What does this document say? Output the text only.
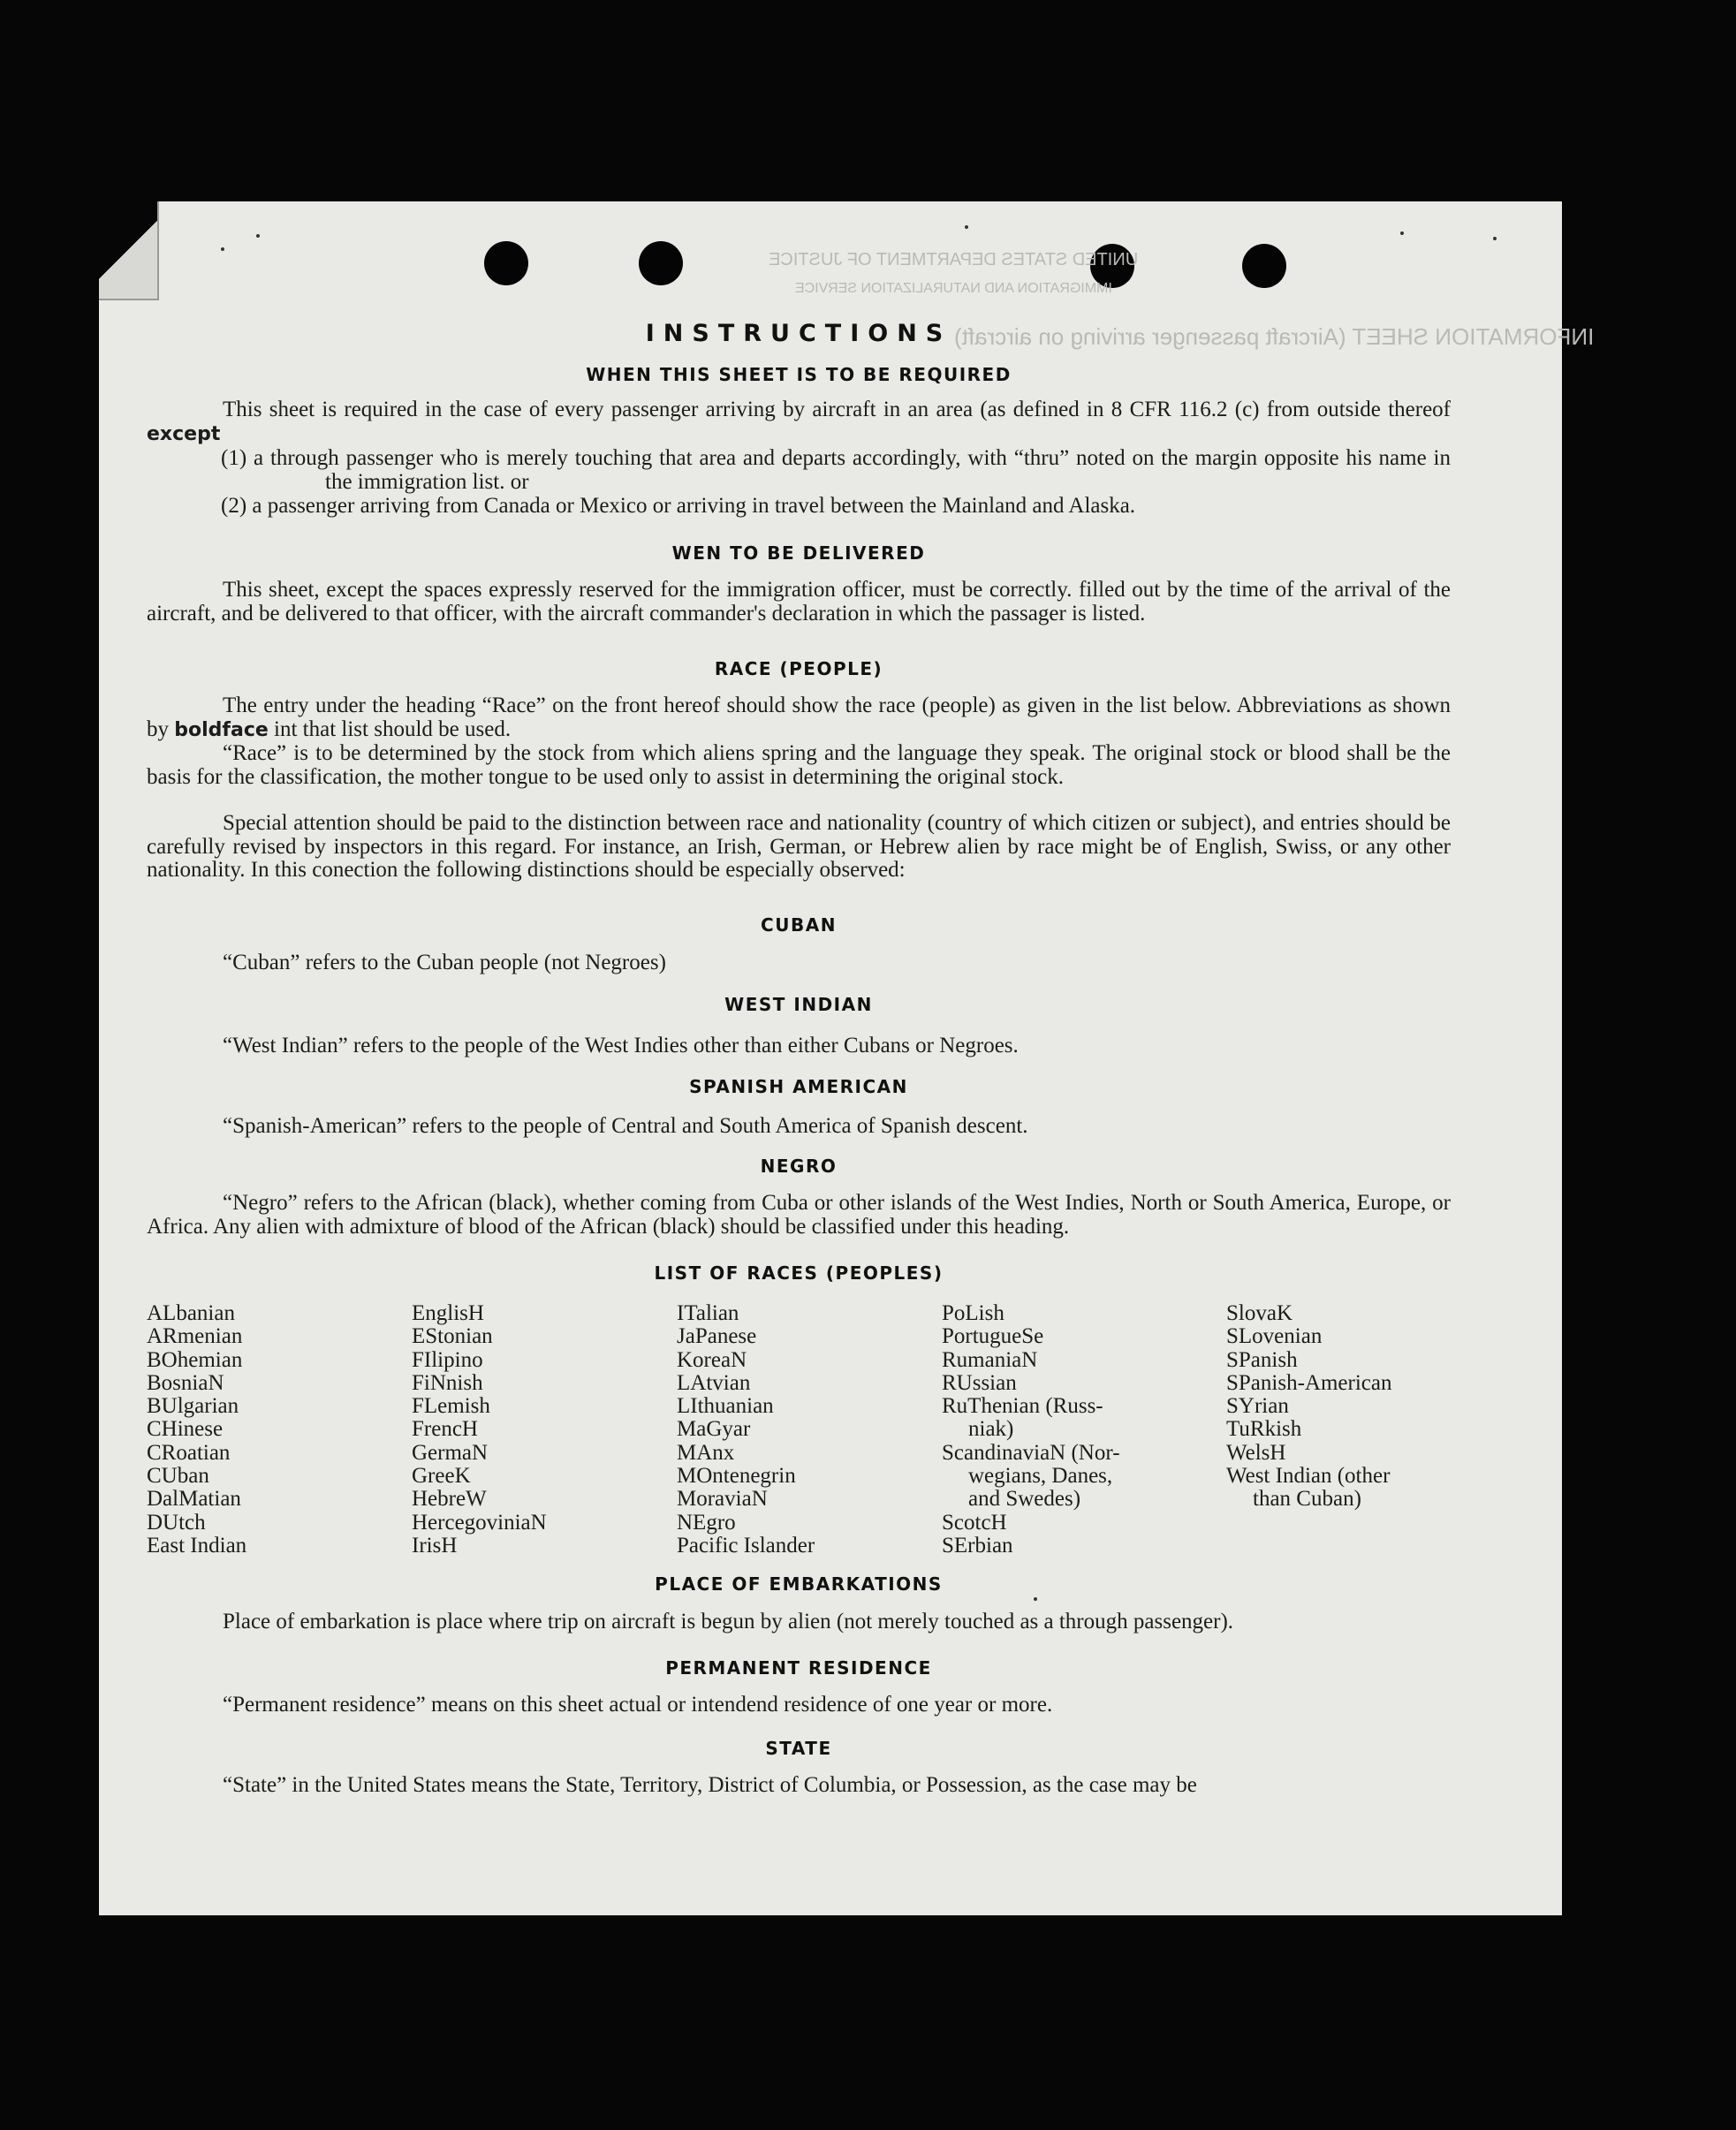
UNITED STATES DEPARTMENT OF JUSTICE
IMMIGRATION AND NATURALIZATION SERVICE
INFORMATION SHEET (Aircraft passenger arriving on aircraft)
INSTRUCTIONS
WHEN THIS SHEET IS TO BE REQUIRED
This sheet is required in the case of every passenger arriving by aircraft in an area (as defined in 8 CFR 116.2 (c) from outside thereof except
(1) a through passenger who is merely touching that area and departs accordingly, with “thru” noted on the margin opposite his name in the immigration list. or
(2) a passenger arriving from Canada or Mexico or arriving in travel between the Mainland and Alaska.
WEN TO BE DELIVERED
This sheet, except the spaces expressly reserved for the immigration officer, must be correctly. filled out by the time of the arrival of the aircraft, and be delivered to that officer, with the aircraft commander's declaration in which the passager is listed.
RACE (PEOPLE)
The entry under the heading “Race” on the front hereof should show the race (people) as given in the list below. Abbreviations as shown by boldface int that list should be used.
“Race” is to be determined by the stock from which aliens spring and the language they speak. The original stock or blood shall be the basis for the classification, the mother tongue to be used only to assist in determining the original stock.
Special attention should be paid to the distinction between race and nationality (country of which citizen or subject), and entries should be carefully revised by inspectors in this regard. For instance, an Irish, German, or Hebrew alien by race might be of English, Swiss, or any other nationality. In this conection the following distinctions should be especially observed:
CUBAN
“Cuban” refers to the Cuban people (not Negroes)
WEST INDIAN
“West Indian” refers to the people of the West Indies other than either Cubans or Negroes.
SPANISH AMERICAN
“Spanish-American” refers to the people of Central and South America of Spanish descent.
NEGRO
“Negro” refers to the African (black), whether coming from Cuba or other islands of the West Indies, North or South America, Europe, or Africa. Any alien with admixture of blood of the African (black) should be classified under this heading.
LIST OF RACES (PEOPLES)
ALbanian
ARmenian
BOhemian
BosniaN
BUlgarian
CHinese
CRoatian
CUban
DalMatian
DUtch
East Indian
EnglisH
EStonian
FIlipino
FiNnish
FLemish
FrencH
GermaN
GreeK
HebreW
HercegoviniaN
IrisH
ITalian
JaPanese
KoreaN
LAtvian
LIthuanian
MaGyar
MAnx
MOntenegrin
MoraviaN
NEgro
Pacific Islander
PoLish
PortugueSe
RumaniaN
RUssian
RuThenian (Russ-
niak)
ScandinaviaN (Nor-
wegians, Danes,
and Swedes)
ScotcH
SErbian
SlovaK
SLovenian
SPanish
SPanish-American
SYrian
TuRkish
WelsH
West Indian (other
than Cuban)
PLACE OF EMBARKATIONS
Place of embarkation is place where trip on aircraft is begun by alien (not merely touched as a through passenger).
PERMANENT RESIDENCE
“Permanent residence” means on this sheet actual or intendend residence of one year or more.
STATE
“State” in the United States means the State, Territory, District of Columbia, or Possession, as the case may be
